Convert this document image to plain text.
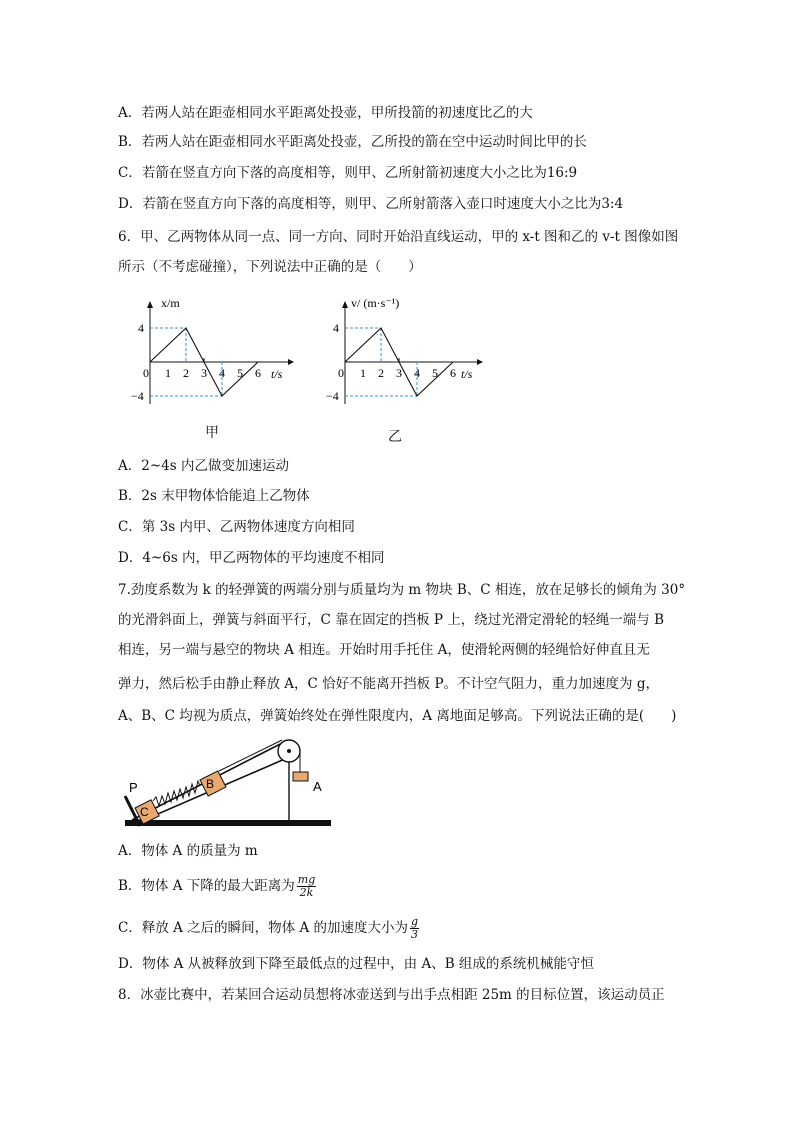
A．若两人站在距壶相同水平距离处投壶，甲所投箭的初速度比乙的大
B．若两人站在距壶相同水平距离处投壶，乙所投的箭在空中运动时间比甲的长
C．若箭在竖直方向下落的高度相等，则甲、乙所射箭初速度大小之比为16:9
D．若箭在竖直方向下落的高度相等，则甲、乙所射箭落入壶口时速度大小之比为3:4
6．甲、乙两物体从同一点、同一方向、同时开始沿直线运动，甲的 x-t 图和乙的 v-t 图像如图
所示（不考虑碰撞），下列说法中正确的是（　　）
x/m
t/s
4
−4
0 1 2 3 4 5 6
甲
v/ (m·s⁻¹)
t/s
4
−4
0 1 2 3 4 5 6
乙
A．2~4s 内乙做变加速运动
B．2s 末甲物体恰能追上乙物体
C．第 3s 内甲、乙两物体速度方向相同
D．4~6s 内，甲乙两物体的平均速度不相同
7.劲度系数为 k 的轻弹簧的两端分别与质量均为 m 物块 B、C 相连，放在足够长的倾角为 30°
的光滑斜面上，弹簧与斜面平行，C 靠在固定的挡板 P 上，绕过光滑定滑轮的轻绳一端与 B
相连，另一端与悬空的物块 A 相连。开始时用手托住 A，使滑轮两侧的轻绳恰好伸直且无
弹力，然后松手由静止释放 A，C 恰好不能离开挡板 P。不计空气阻力，重力加速度为 g，
A、B、C 均视为质点，弹簧始终处在弹性限度内，A 离地面足够高。下列说法正确的是(　　)
P
C
B	A
A．物体 A 的质量为 m
B．物体 A 下降的最大距离为 $\frac{mg}{2k}$
C．释放 A 之后的瞬间，物体 A 的加速度大小为 $\frac{g}{3}$
D．物体 A 从被释放到下降至最低点的过程中，由 A、B 组成的系统机械能守恒
8．冰壶比赛中，若某回合运动员想将冰壶送到与出手点相距 25m 的目标位置，该运动员正
